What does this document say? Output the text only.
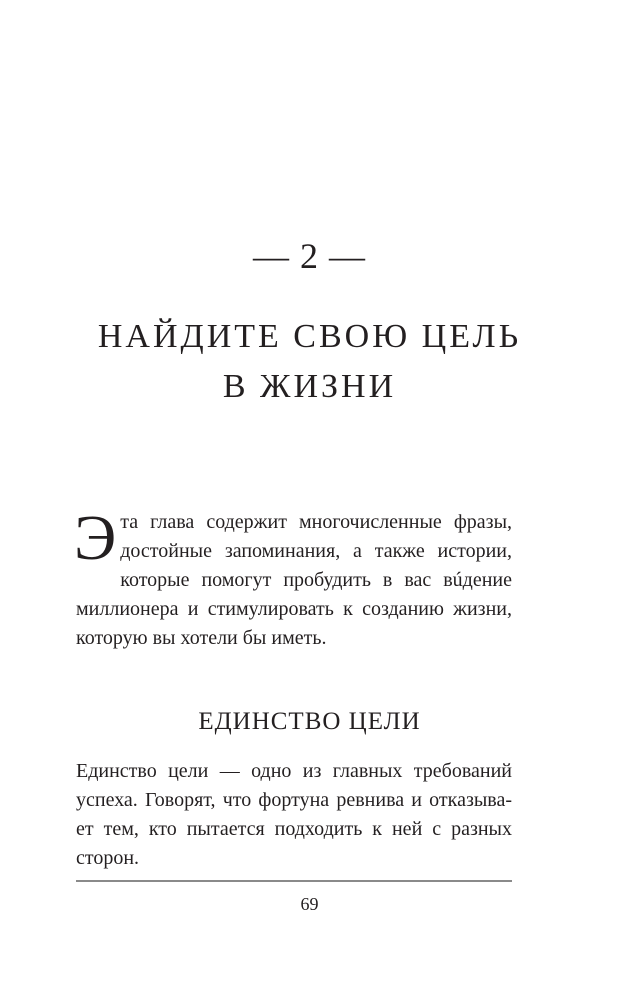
— 2 —
НАЙДИТЕ СВОЮ ЦЕЛЬ
В ЖИЗНИ

Эта глава содержит многочисленные фразы, достойные запоминания, а также истории, которые помогут пробудить в вас вúдение миллионера и стимулировать к созданию жизни, которую вы хотели бы иметь.

ЕДИНСТВО ЦЕЛИ

Единство цели — одно из главных требований
успеха. Говорят, что фортуна ревнива и отказыва-
ет тем, кто пытается подходить к ней с разных
сторон.

69
